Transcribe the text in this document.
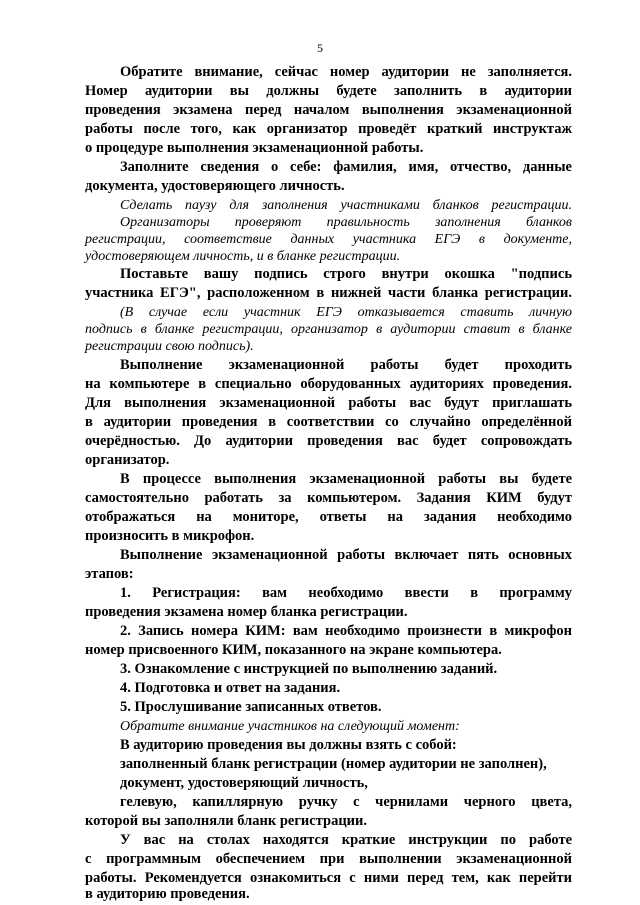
5

Обратите внимание, сейчас номер аудитории не заполняется.

Номер аудитории вы должны будете заполнить в аудитории

проведения экзамена перед началом выполнения экзаменационной

работы после того, как организатор проведёт краткий инструктаж

о процедуре выполнения экзаменационной работы.

Заполните сведения о себе: фамилия, имя, отчество, данные

документа, удостоверяющего личность.

Сделать паузу для заполнения участниками бланков регистрации.

Организаторы проверяют правильность заполнения бланков

регистрации, соответствие данных участника ЕГЭ в документе,

удостоверяющем личность, и в бланке регистрации.

Поставьте вашу подпись строго внутри окошка "подпись

участника ЕГЭ", расположенном в нижней части бланка регистрации.

(В случае если участник ЕГЭ отказывается ставить личную

подпись в бланке регистрации, организатор в аудитории ставит в бланке

регистрации свою подпись).

Выполнение экзаменационной работы будет проходить

на компьютере в специально оборудованных аудиториях проведения.

Для выполнения экзаменационной работы вас будут приглашать

в аудитории проведения в соответствии со случайно определённой

очерёдностью. До аудитории проведения вас будет сопровождать

организатор.

В процессе выполнения экзаменационной работы вы будете

самостоятельно работать за компьютером. Задания КИМ будут

отображаться на мониторе, ответы на задания необходимо

произносить в микрофон.

Выполнение экзаменационной работы включает пять основных

этапов:

1. Регистрация: вам необходимо ввести в программу

проведения экзамена номер бланка регистрации.

2. Запись номера КИМ: вам необходимо произнести в микрофон

номер присвоенного КИМ, показанного на экране компьютера.

3. Ознакомление с инструкцией по выполнению заданий.

4. Подготовка и ответ на задания.

5. Прослушивание записанных ответов.

Обратите внимание участников на следующий момент:

В аудиторию проведения вы должны взять с собой:

заполненный бланк регистрации (номер аудитории не заполнен),

документ, удостоверяющий личность,

гелевую, капиллярную ручку с чернилами черного цвета,

которой вы заполняли бланк регистрации.

У вас на столах находятся краткие инструкции по работе

с программным обеспечением при выполнении экзаменационной

работы. Рекомендуется ознакомиться с ними перед тем, как перейти

в аудиторию проведения.
